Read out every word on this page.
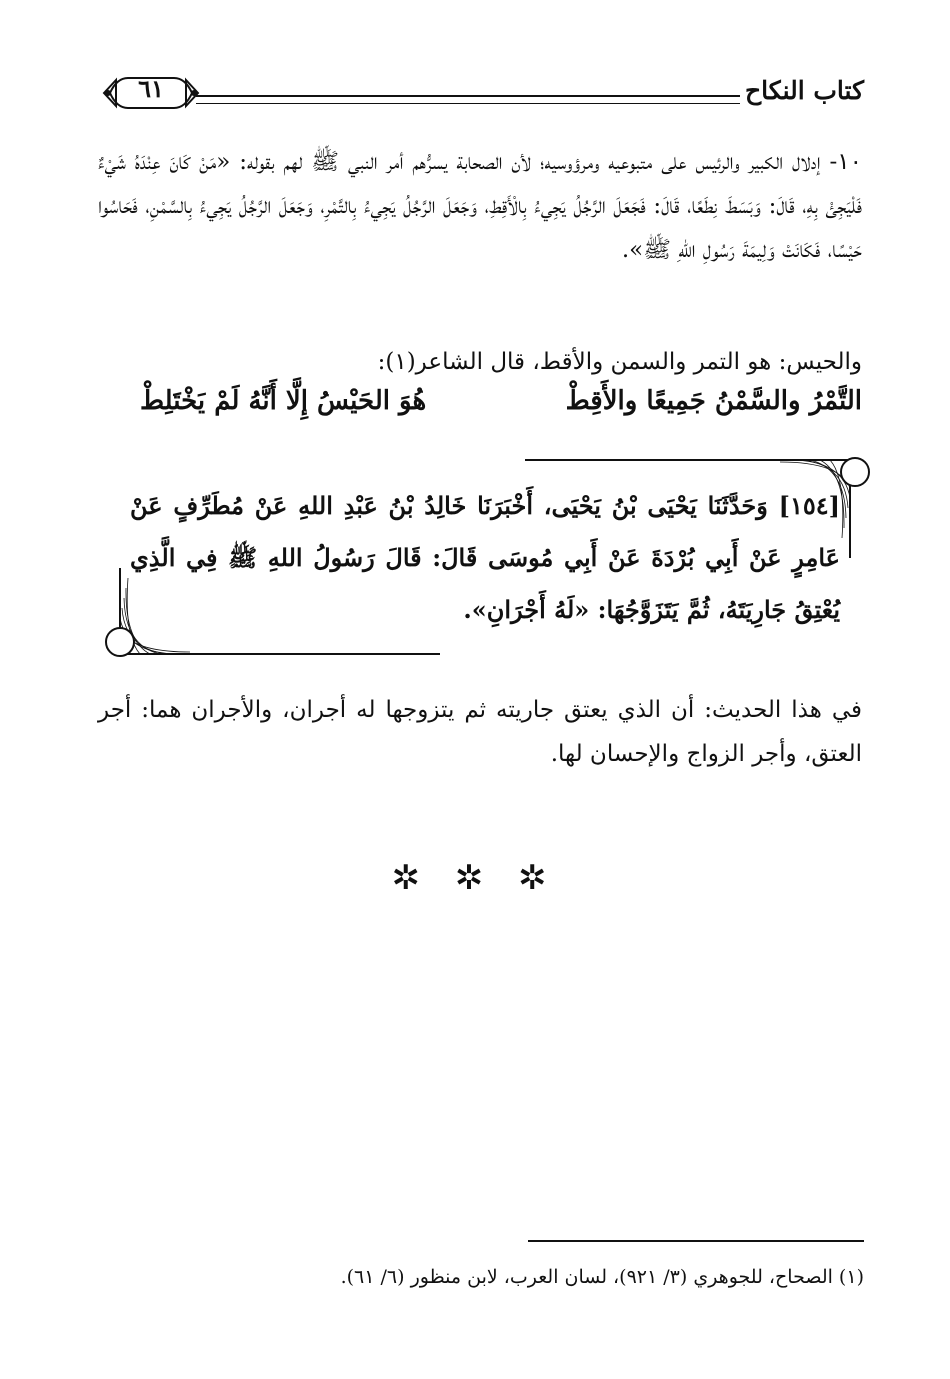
كتاب النكاح
٦١
١٠- إدلال الكبير والرئيس على متبوعيه ومرؤوسيه؛ لأن الصحابة يسرُّهم أمر النبي ﷺ لهم بقوله: «مَنْ كَانَ عِنْدَهُ شَيْءٌ فَلْيَجِئْ بِهِ، قَالَ: وَبَسَطَ نِطَعًا، قَالَ: فَجَعَلَ الرَّجُلُ يَجِيءُ بِالْأَقِطِ، وَجَعَلَ الرَّجُلُ يَجِيءُ بِالتَّمْرِ، وَجَعَلَ الرَّجُلُ يَجِيءُ بِالسَّمْنِ، فَحَاسُوا حَيْسًا، فَكَانَتْ وَلِيمَةَ رَسُولِ اللهِ ﷺ».
والحيس: هو التمر والسمن والأقط، قال الشاعر(١):
التَّمْرُ والسَّمْنُ جَمِيعًا والأَقِطْ
هُوَ الحَيْسُ إِلَّا أَنَّهُ لَمْ يَخْتَلِطْ
[١٥٤] وَحَدَّثَنَا يَحْيَى بْنُ يَحْيَى، أَخْبَرَنَا خَالِدُ بْنُ عَبْدِ اللهِ عَنْ مُطَرِّفٍ عَنْ عَامِرٍ عَنْ أَبِي بُرْدَةَ عَنْ أَبِي مُوسَى قَالَ: قَالَ رَسُولُ اللهِ ﷺ فِي الَّذِي يُعْتِقُ جَارِيَتَهُ، ثُمَّ يَتَزَوَّجُهَا: «لَهُ أَجْرَانِ».
في هذا الحديث: أن الذي يعتق جاريته ثم يتزوجها له أجران، والأجران هما: أجر العتق، وأجر الزواج والإحسان لها.
✲ ✲ ✲
(١) الصحاح، للجوهري (٣/ ٩٢١)، لسان العرب، لابن منظور (٦/ ٦١).
